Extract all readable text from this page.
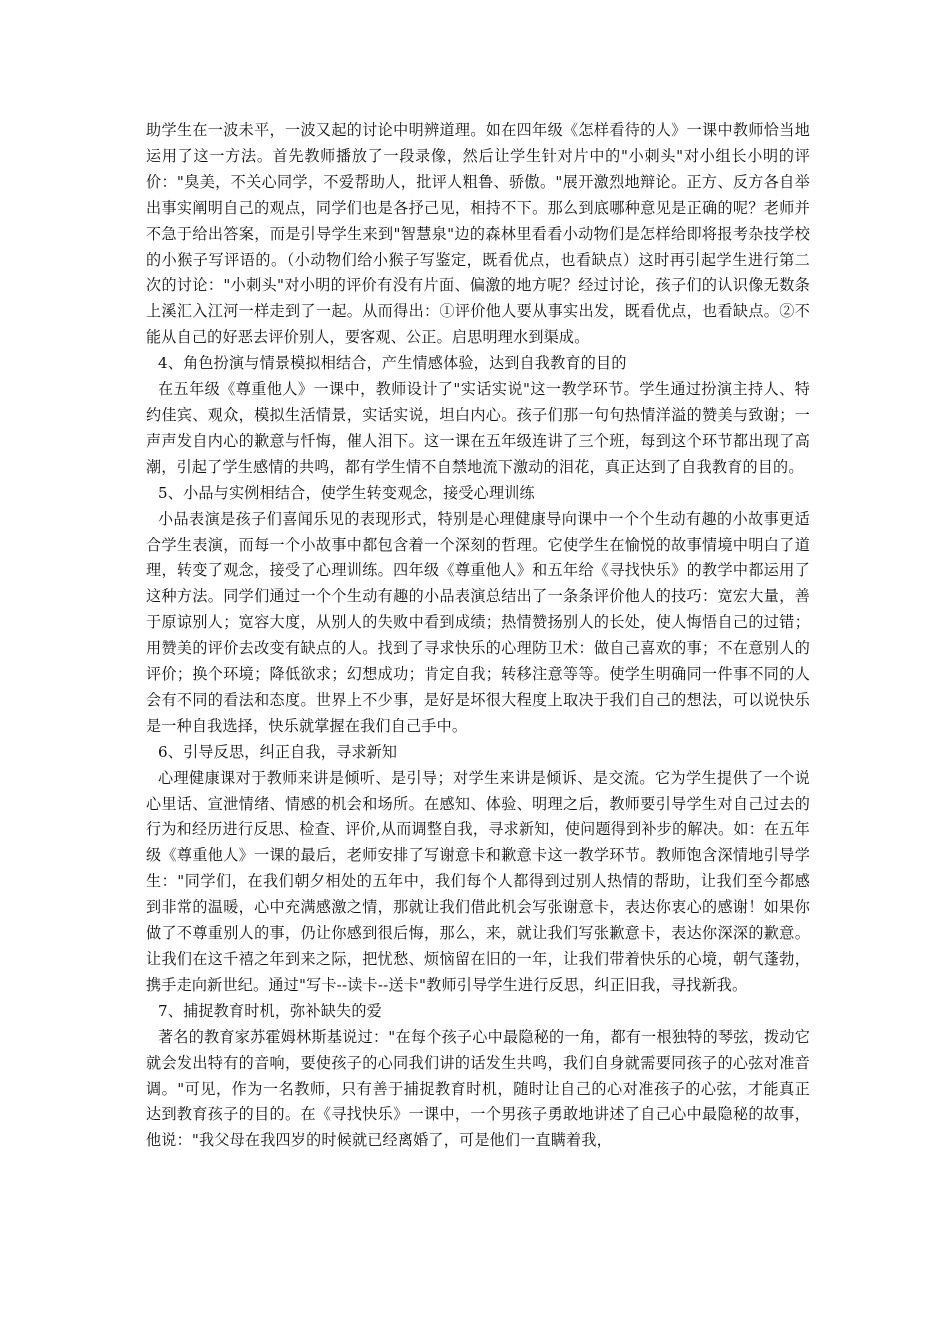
助学生在一波未平，一波又起的讨论中明辨道理。如在四年级《怎样看待的人》一课中教师恰当地运用了这一方法。首先教师播放了一段录像，然后让学生针对片中的"小刺头"对小组长小明的评价："臭美，不关心同学，不爱帮助人，批评人粗鲁、骄傲。"展开激烈地辩论。正方、反方各自举出事实阐明自己的观点，同学们也是各抒己见，相持不下。那么到底哪种意见是正确的呢？老师并不急于给出答案，而是引导学生来到"智慧泉"边的森林里看看小动物们是怎样给即将报考杂技学校的小猴子写评语的。（小动物们给小猴子写鉴定，既看优点，也看缺点）这时再引起学生进行第二次的讨论："小刺头"对小明的评价有没有片面、偏激的地方呢？经过讨论，孩子们的认识像无数条上溪汇入江河一样走到了一起。从而得出：①评价他人要从事实出发，既看优点，也看缺点。②不能从自己的好恶去评价别人，要客观、公正。启思明理水到渠成。

4、角色扮演与情景模拟相结合，产生情感体验，达到自我教育的目的

在五年级《尊重他人》一课中，教师设计了"实话实说"这一教学环节。学生通过扮演主持人、特约佳宾、观众，模拟生活情景，实话实说，坦白内心。孩子们那一句句热情洋溢的赞美与致谢；一声声发自内心的歉意与忏悔，催人泪下。这一课在五年级连讲了三个班，每到这个环节都出现了高潮，引起了学生感情的共鸣，都有学生情不自禁地流下激动的泪花，真正达到了自我教育的目的。

5、小品与实例相结合，使学生转变观念，接受心理训练

小品表演是孩子们喜闻乐见的表现形式，特别是心理健康导向课中一个个生动有趣的小故事更适合学生表演，而每一个小故事中都包含着一个深刻的哲理。它使学生在愉悦的故事情境中明白了道理，转变了观念，接受了心理训练。四年级《尊重他人》和五年给《寻找快乐》的教学中都运用了这种方法。同学们通过一个个生动有趣的小品表演总结出了一条条评价他人的技巧：宽宏大量，善于原谅别人；宽容大度，从别人的失败中看到成绩；热情赞扬别人的长处，使人悔悟自己的过错；用赞美的评价去改变有缺点的人。找到了寻求快乐的心理防卫术：做自己喜欢的事；不在意别人的评价；换个环境；降低欲求；幻想成功；肯定自我；转移注意等等。使学生明确同一件事不同的人会有不同的看法和态度。世界上不少事，是好是坏很大程度上取决于我们自己的想法，可以说快乐是一种自我选择，快乐就掌握在我们自己手中。

6、引导反思，纠正自我，寻求新知

心理健康课对于教师来讲是倾听、是引导；对学生来讲是倾诉、是交流。它为学生提供了一个说心里话、宣泄情绪、情感的机会和场所。在感知、体验、明理之后，教师要引导学生对自己过去的行为和经历进行反思、检查、评价,从而调整自我，寻求新知，使问题得到补步的解决。如：在五年级《尊重他人》一课的最后，老师安排了写谢意卡和歉意卡这一教学环节。教师饱含深情地引导学生："同学们，在我们朝夕相处的五年中，我们每个人都得到过别人热情的帮助，让我们至今都感到非常的温暖，心中充满感激之情，那就让我们借此机会写张谢意卡，表达你衷心的感谢！如果你做了不尊重别人的事，仍让你感到很后悔，那么，来，就让我们写张歉意卡，表达你深深的歉意。让我们在这千禧之年到来之际，把忧愁、烦恼留在旧的一年，让我们带着快乐的心境，朝气蓬勃，携手走向新世纪。通过"写卡--读卡--送卡"教师引导学生进行反思，纠正旧我，寻找新我。

7、捕捉教育时机，弥补缺失的爱

著名的教育家苏霍姆林斯基说过："在每个孩子心中最隐秘的一角，都有一根独特的琴弦，拨动它就会发出特有的音响，要使孩子的心同我们讲的话发生共鸣，我们自身就需要同孩子的心弦对准音调。"可见，作为一名教师，只有善于捕捉教育时机，随时让自己的心对准孩子的心弦，才能真正达到教育孩子的目的。在《寻找快乐》一课中，一个男孩子勇敢地讲述了自己心中最隐秘的故事，他说："我父母在我四岁的时候就已经离婚了，可是他们一直瞒着我，
